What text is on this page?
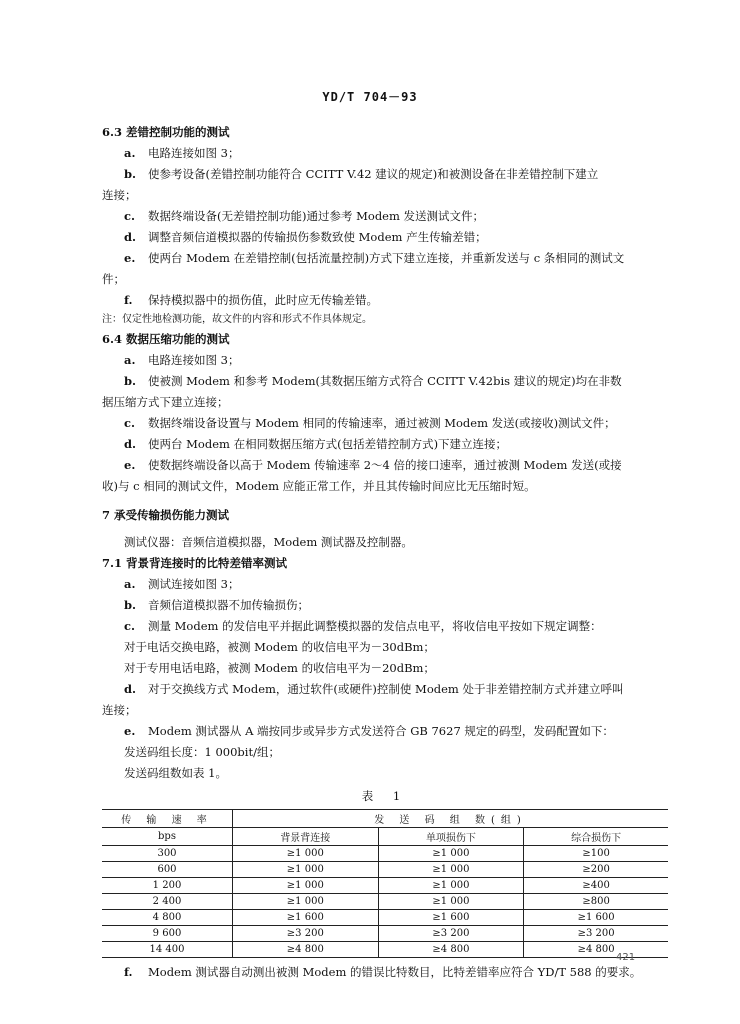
YD/T 704－93
6.3 差错控制功能的测试
a. 电路连接如图 3；
b. 使参考设备(差错控制功能符合 CCITT V.42 建议的规定)和被测设备在非差错控制下建立
连接；
c. 数据终端设备(无差错控制功能)通过参考 Modem 发送测试文件；
d. 调整音频信道模拟器的传输损伤参数致使 Modem 产生传输差错；
e. 使两台 Modem 在差错控制(包括流量控制)方式下建立连接，并重新发送与 c 条相同的测试文
件；
f. 保持模拟器中的损伤值，此时应无传输差错。
注：仅定性地检测功能，故文件的内容和形式不作具体规定。
6.4 数据压缩功能的测试
a. 电路连接如图 3；
b. 使被测 Modem 和参考 Modem(其数据压缩方式符合 CCITT V.42bis 建议的规定)均在非数
据压缩方式下建立连接；
c. 数据终端设备设置与 Modem 相同的传输速率，通过被测 Modem 发送(或接收)测试文件；
d. 使两台 Modem 在相同数据压缩方式(包括差错控制方式)下建立连接；
e. 使数据终端设备以高于 Modem 传输速率 2～4 倍的接口速率，通过被测 Modem 发送(或接
收)与 c 相同的测试文件，Modem 应能正常工作，并且其传输时间应比无压缩时短。
7 承受传输损伤能力测试
测试仪器：音频信道模拟器，Modem 测试器及控制器。
7.1 背景背连接时的比特差错率测试
a. 测试连接如图 3；
b. 音频信道模拟器不加传输损伤；
c. 测量 Modem 的发信电平并据此调整模拟器的发信点电平，将收信电平按如下规定调整：
对于电话交换电路，被测 Modem 的收信电平为－30dBm；
对于专用电话电路，被测 Modem 的收信电平为－20dBm；
d. 对于交换线方式 Modem，通过软件(或硬件)控制使 Modem 处于非差错控制方式并建立呼叫
连接；
e. Modem 测试器从 A 端按同步或异步方式发送符合 GB 7627 规定的码型，发码配置如下：
发送码组长度：1 000bit/组；
发送码组数如表 1。
表 1
传 输 速 率	发 送 码 组 数(组)		
bps	背景背连接	单项损伤下	综合损伤下
300	≥1 000	≥1 000	≥100
600	≥1 000	≥1 000	≥200
1 200	≥1 000	≥1 000	≥400
2 400	≥1 000	≥1 000	≥800
4 800	≥1 600	≥1 600	≥1 600
9 600	≥3 200	≥3 200	≥3 200
14 400	≥4 800	≥4 800	≥4 800
f. Modem 测试器自动测出被测 Modem 的错误比特数目，比特差错率应符合 YD/T 588 的要求。
421
